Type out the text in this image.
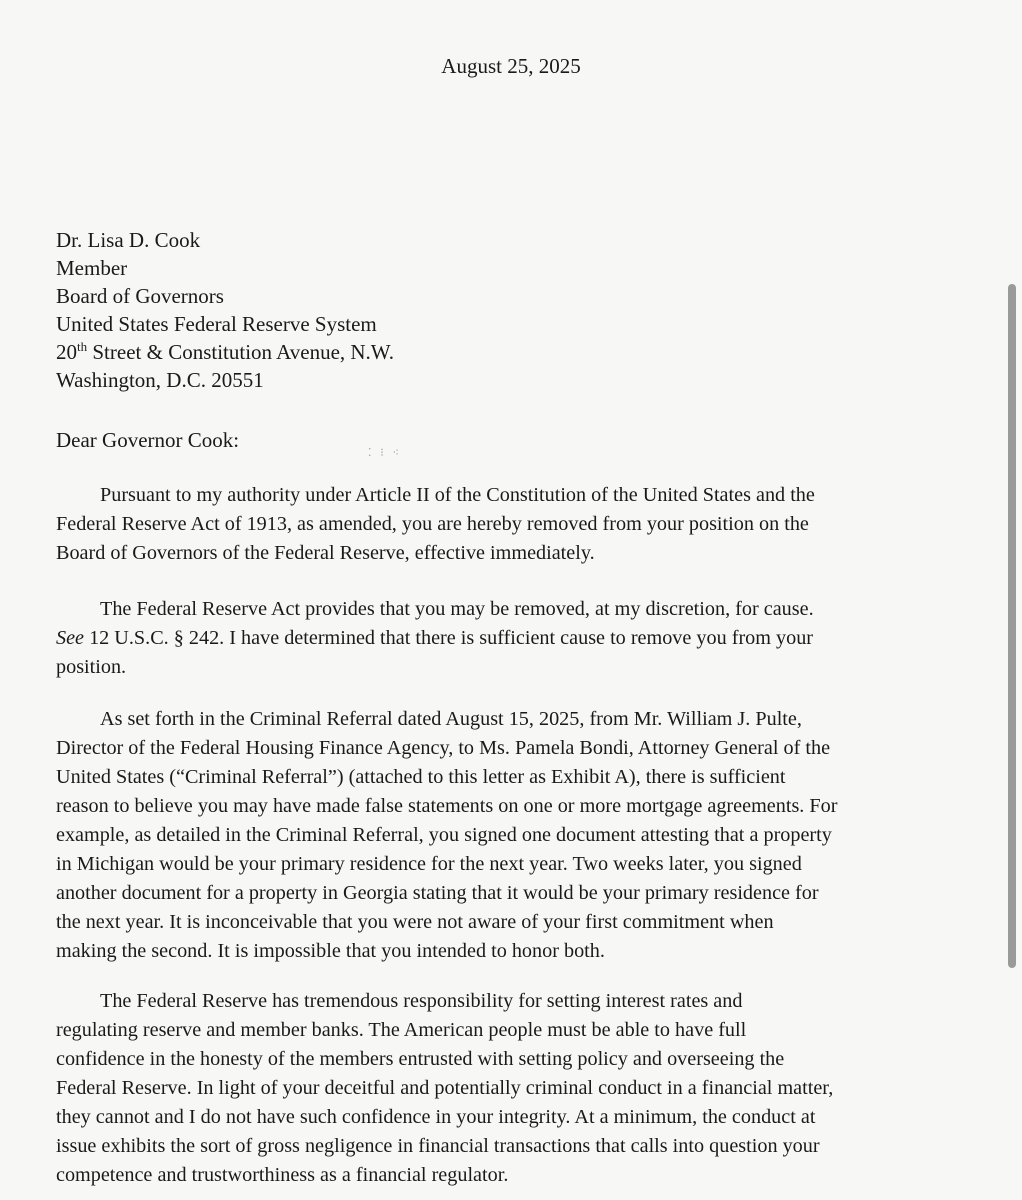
August 25, 2025
Dr. Lisa D. Cook
Member
Board of Governors
United States Federal Reserve System
20th Street & Constitution Avenue, N.W.
Washington, D.C. 20551
Dear Governor Cook:
⁚ ⁝ ⁖
Pursuant to my authority under Article II of the Constitution of the United States and the
Federal Reserve Act of 1913, as amended, you are hereby removed from your position on the
Board of Governors of the Federal Reserve, effective immediately.
The Federal Reserve Act provides that you may be removed, at my discretion, for cause.
See 12 U.S.C. § 242. I have determined that there is sufficient cause to remove you from your
position.
As set forth in the Criminal Referral dated August 15, 2025, from Mr. William J. Pulte,
Director of the Federal Housing Finance Agency, to Ms. Pamela Bondi, Attorney General of the
United States (“Criminal Referral”) (attached to this letter as Exhibit A), there is sufficient
reason to believe you may have made false statements on one or more mortgage agreements. For
example, as detailed in the Criminal Referral, you signed one document attesting that a property
in Michigan would be your primary residence for the next year. Two weeks later, you signed
another document for a property in Georgia stating that it would be your primary residence for
the next year. It is inconceivable that you were not aware of your first commitment when
making the second. It is impossible that you intended to honor both.
The Federal Reserve has tremendous responsibility for setting interest rates and
regulating reserve and member banks. The American people must be able to have full
confidence in the honesty of the members entrusted with setting policy and overseeing the
Federal Reserve. In light of your deceitful and potentially criminal conduct in a financial matter,
they cannot and I do not have such confidence in your integrity. At a minimum, the conduct at
issue exhibits the sort of gross negligence in financial transactions that calls into question your
competence and trustworthiness as a financial regulator.
